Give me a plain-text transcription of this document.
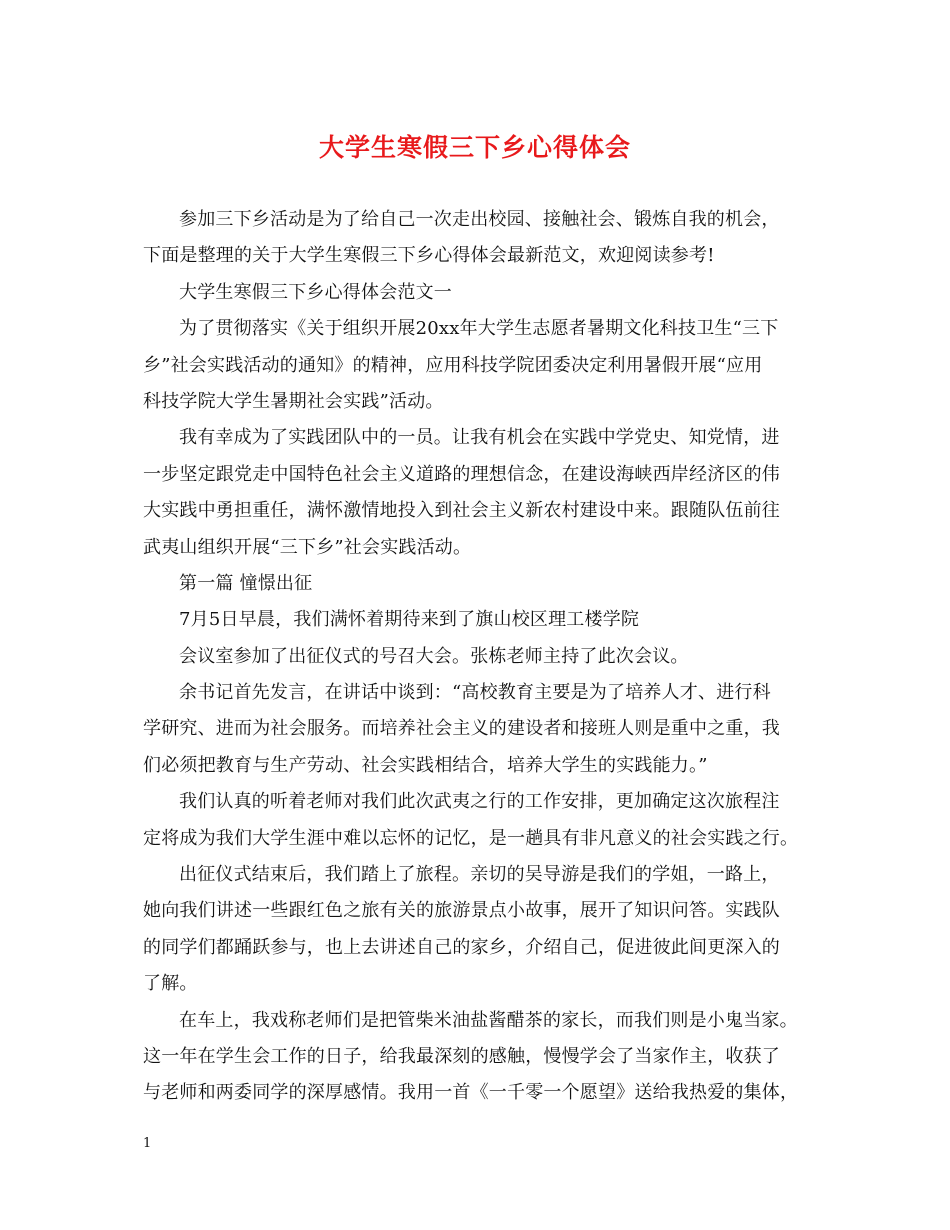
大学生寒假三下乡心得体会
参加三下乡活动是为了给自己一次走出校园、接触社会、锻炼自我的机会，
下面是整理的关于大学生寒假三下乡心得体会最新范文，欢迎阅读参考!
大学生寒假三下乡心得体会范文一
为了贯彻落实《关于组织开展20xx年大学生志愿者暑期文化科技卫生“三下
乡”社会实践活动的通知》的精神，应用科技学院团委决定利用暑假开展“应用
科技学院大学生暑期社会实践”活动。
我有幸成为了实践团队中的一员。让我有机会在实践中学党史、知党情，进
一步坚定跟党走中国特色社会主义道路的理想信念，在建设海峡西岸经济区的伟
大实践中勇担重任，满怀激情地投入到社会主义新农村建设中来。跟随队伍前往
武夷山组织开展“三下乡”社会实践活动。
第一篇 憧憬出征
7月5日早晨，我们满怀着期待来到了旗山校区理工楼学院
会议室参加了出征仪式的号召大会。张栋老师主持了此次会议。
余书记首先发言，在讲话中谈到：“高校教育主要是为了培养人才、进行科
学研究、进而为社会服务。而培养社会主义的建设者和接班人则是重中之重，我
们必须把教育与生产劳动、社会实践相结合，培养大学生的实践能力。”
我们认真的听着老师对我们此次武夷之行的工作安排，更加确定这次旅程注
定将成为我们大学生涯中难以忘怀的记忆，是一趟具有非凡意义的社会实践之行。
出征仪式结束后，我们踏上了旅程。亲切的吴导游是我们的学姐，一路上，
她向我们讲述一些跟红色之旅有关的旅游景点小故事，展开了知识问答。实践队
的同学们都踊跃参与，也上去讲述自己的家乡，介绍自己，促进彼此间更深入的
了解。
在车上，我戏称老师们是把管柴米油盐酱醋茶的家长，而我们则是小鬼当家。
这一年在学生会工作的日子，给我最深刻的感触，慢慢学会了当家作主，收获了
与老师和两委同学的深厚感情。我用一首《一千零一个愿望》送给我热爱的集体，
1
